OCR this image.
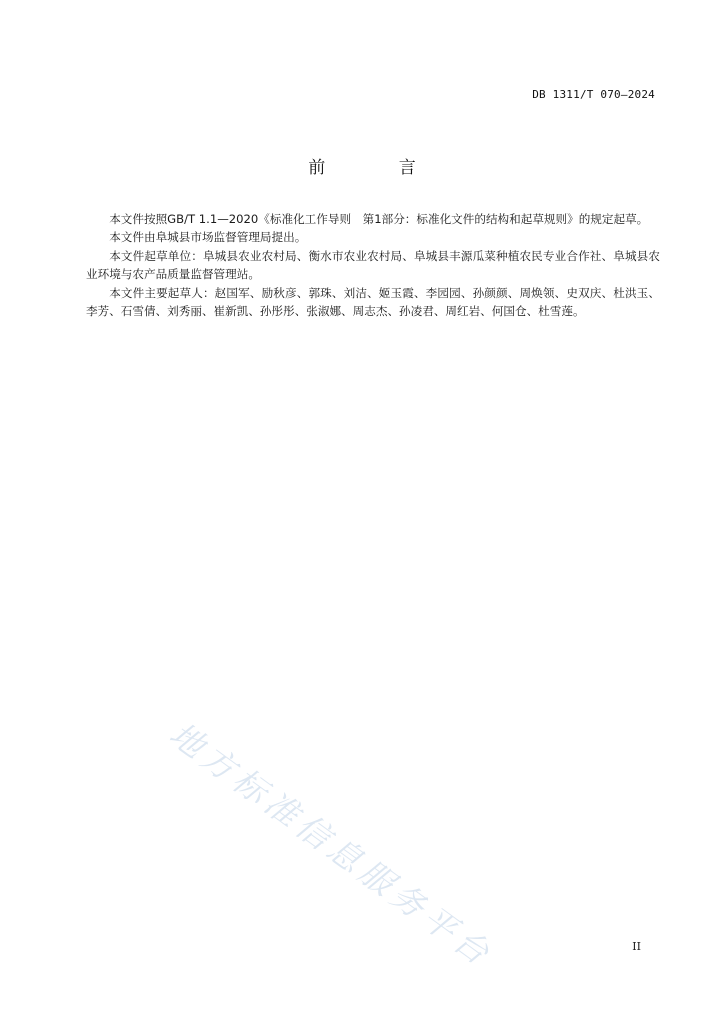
DB 1311/T 070—2024
前 言

本文件按照GB/T 1.1—2020《标准化工作导则　第1部分：标准化文件的结构和起草规则》的规定起草。

本文件由阜城县市场监督管理局提出。

本文件起草单位：阜城县农业农村局、衡水市农业农村局、阜城县丰源瓜菜种植农民专业合作社、阜城县农业环境与农产品质量监督管理站。

本文件主要起草人：赵国军、励秋彦、郭珠、刘洁、姬玉霞、李园园、孙颜颜、周焕领、史双庆、杜洪玉、李芳、石雪倩、刘秀丽、崔新凯、孙彤彤、张淑娜、周志杰、孙凌君、周红岩、何国仓、杜雪莲。

地方标准信息服务平台	II
